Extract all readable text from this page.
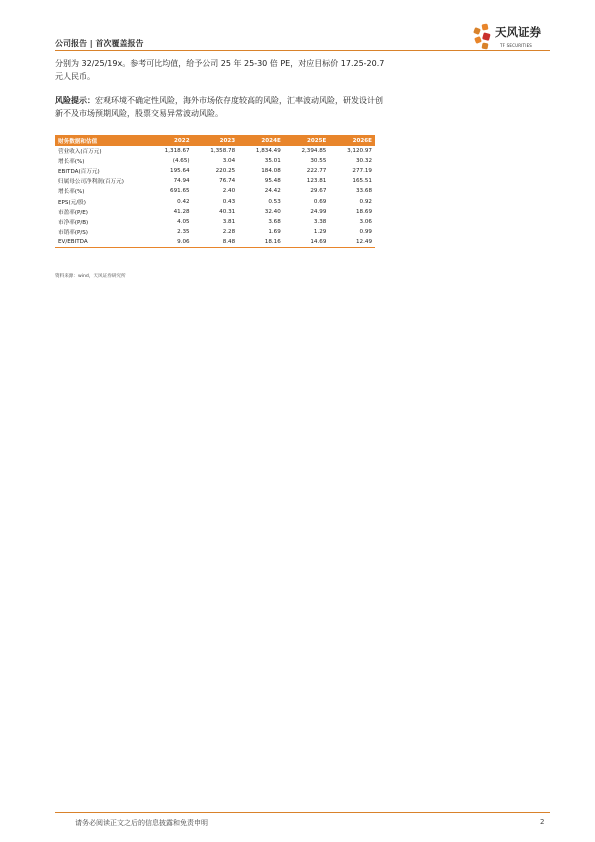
公司报告 | 首次覆盖报告
天风证券
TF SECURITIES
分别为 32/25/19x。参考可比均值，给予公司 25 年 25-30 倍 PE，对应目标价 17.25-20.7 元人民币。
风险提示：宏观环境不确定性风险，海外市场依存度较高的风险，汇率波动风险，研发设计创新不及市场预期风险，股票交易异常波动风险。
财务数据和估值	2022	2023	2024E	2025E	2026E
营业收入(百万元)	1,318.67	1,358.78	1,834.49	2,394.85	3,120.97
增长率(%)	(4.65)	3.04	35.01	30.55	30.32
EBITDA(百万元)	195.64	220.25	184.08	222.77	277.19
归属母公司净利润(百万元)	74.94	76.74	95.48	123.81	165.51
增长率(%)	691.65	2.40	24.42	29.67	33.68
EPS(元/股)	0.42	0.43	0.53	0.69	0.92
市盈率(P/E)	41.28	40.31	32.40	24.99	18.69
市净率(P/B)	4.05	3.81	3.68	3.38	3.06
市销率(P/S)	2.35	2.28	1.69	1.29	0.99
EV/EBITDA	9.06	8.48	18.16	14.69	12.49
资料来源：wind，天风证券研究所
请务必阅读正文之后的信息披露和免责申明	2
